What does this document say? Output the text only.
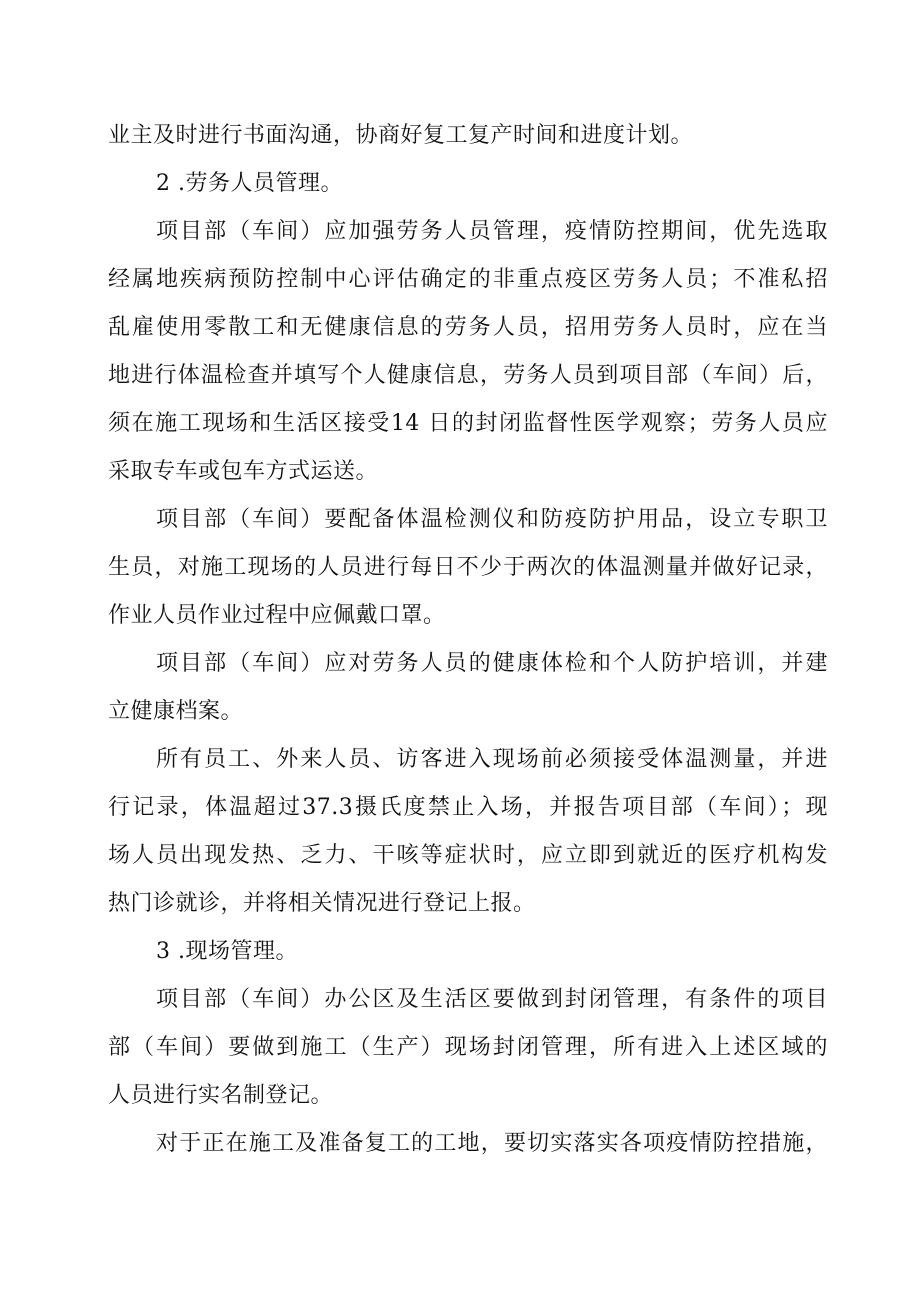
业主及时进行书面沟通，协商好复工复产时间和进度计划。
2 .劳务人员管理。
项目部（车间）应加强劳务人员管理，疫情防控期间，优先选取
经属地疾病预防控制中心评估确定的非重点疫区劳务人员；不准私招
乱雇使用零散工和无健康信息的劳务人员，招用劳务人员时，应在当
地进行体温检查并填写个人健康信息，劳务人员到项目部（车间）后，
须在施工现场和生活区接受14 日的封闭监督性医学观察；劳务人员应
采取专车或包车方式运送。
项目部（车间）要配备体温检测仪和防疫防护用品，设立专职卫
生员，对施工现场的人员进行每日不少于两次的体温测量并做好记录，
作业人员作业过程中应佩戴口罩。
项目部（车间）应对劳务人员的健康体检和个人防护培训，并建
立健康档案。
所有员工、外来人员、访客进入现场前必须接受体温测量，并进
行记录，体温超过37.3摄氏度禁止入场，并报告项目部（车间）；现
场人员出现发热、乏力、干咳等症状时，应立即到就近的医疗机构发
热门诊就诊，并将相关情况进行登记上报。
3 .现场管理。
项目部（车间）办公区及生活区要做到封闭管理，有条件的项目
部（车间）要做到施工（生产）现场封闭管理，所有进入上述区域的
人员进行实名制登记。
对于正在施工及准备复工的工地，要切实落实各项疫情防控措施，
